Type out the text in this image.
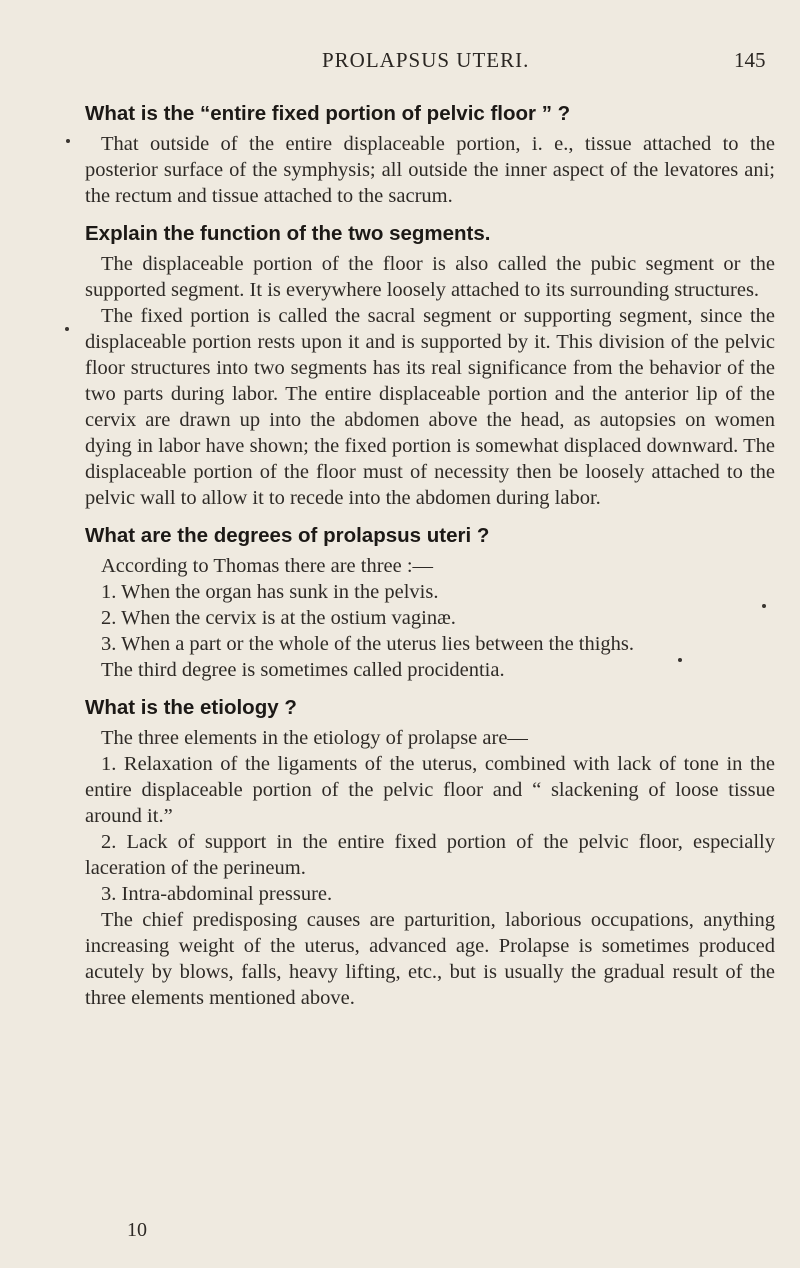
PROLAPSUS UTERI.	145
What is the “entire fixed portion of pelvic floor ” ?

That outside of the entire displaceable portion, i. e., tissue attached to the posterior surface of the symphysis; all outside the inner aspect of the levatores ani; the rectum and tissue attached to the sacrum.

Explain the function of the two segments.

The displaceable portion of the floor is also called the pubic segment or the supported segment. It is everywhere loosely attached to its surrounding structures.

The fixed portion is called the sacral segment or supporting segment, since the displaceable portion rests upon it and is supported by it. This division of the pelvic floor structures into two segments has its real significance from the behavior of the two parts during labor. The entire displaceable portion and the anterior lip of the cervix are drawn up into the abdomen above the head, as autopsies on women dying in labor have shown; the fixed portion is somewhat displaced downward. The displaceable portion of the floor must of necessity then be loosely attached to the pelvic wall to allow it to recede into the abdomen during labor.

What are the degrees of prolapsus uteri ?

According to Thomas there are three :—

1. When the organ has sunk in the pelvis.

2. When the cervix is at the ostium vaginæ.

3. When a part or the whole of the uterus lies between the thighs.

The third degree is sometimes called procidentia.

What is the etiology ?

The three elements in the etiology of prolapse are—

1. Relaxation of the ligaments of the uterus, combined with lack of tone in the entire displaceable portion of the pelvic floor and “ slackening of loose tissue around it.”

2. Lack of support in the entire fixed portion of the pelvic floor, especially laceration of the perineum.

3. Intra-abdominal pressure.

The chief predisposing causes are parturition, laborious occupations, anything increasing weight of the uterus, advanced age. Prolapse is sometimes produced acutely by blows, falls, heavy lifting, etc., but is usually the gradual result of the three elements mentioned above.

10
